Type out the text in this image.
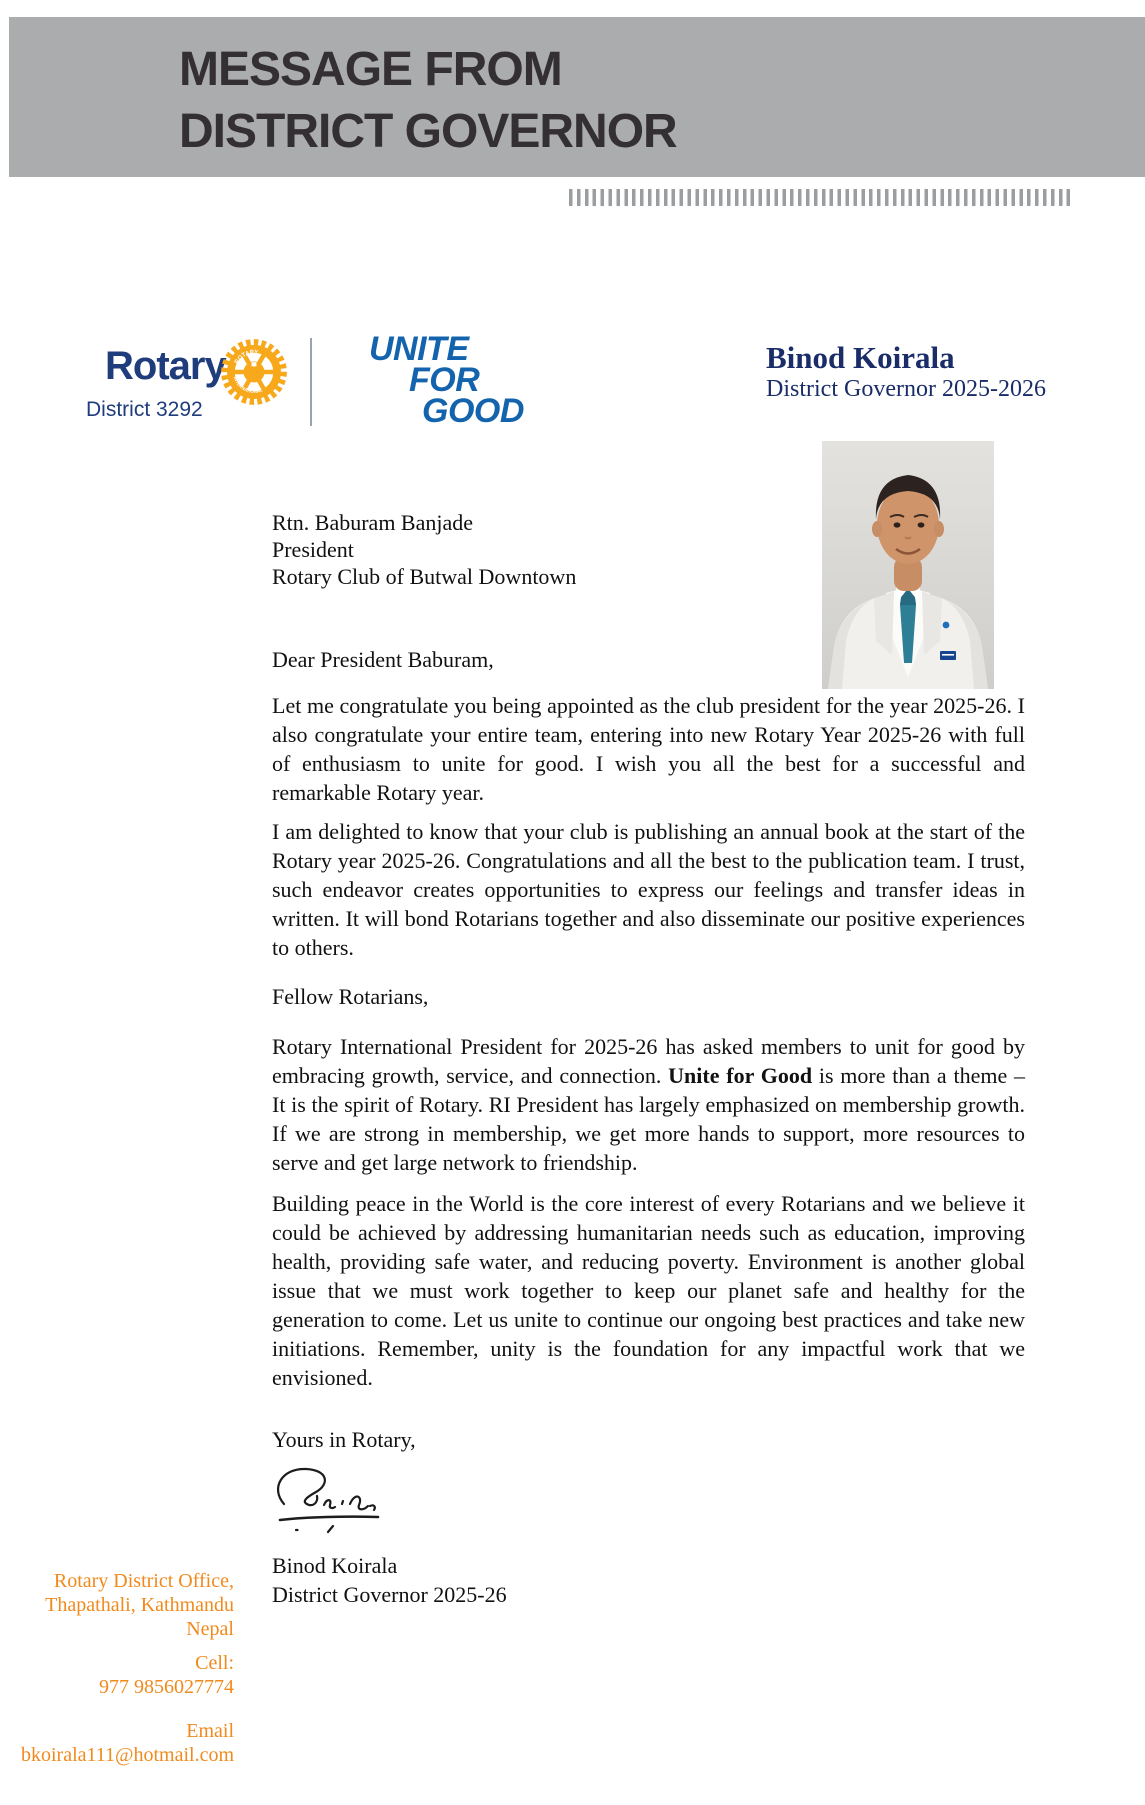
MESSAGE FROM
DISTRICT GOVERNOR
Rotary
District 3292
ROTARY
INTERNATIONAL
UNITE
FOR
GOOD
Binod Koirala
District Governor 2025-2026
Rtn. Baburam Banjade
President
Rotary Club of Butwal Downtown
Dear President Baburam,
Let me congratulate you being appointed as the club president for the year 2025-26. I also congratulate your entire team, entering into new Rotary Year 2025-26 with full of enthusiasm to unite for good. I wish you all the best for a successful and remarkable Rotary year.
I am delighted to know that your club is publishing an annual book at the start of the Rotary year 2025-26. Congratulations and all the best to the publication team. I trust, such endeavor creates opportunities to express our feelings and transfer ideas in written. It will bond Rotarians together and also disseminate our positive experiences to others.
Fellow Rotarians,
Rotary International President for 2025-26 has asked members to unit for good by embracing growth, service, and connection. Unite for Good is more than a theme – It is the spirit of Rotary. RI President has largely emphasized on membership growth. If we are strong in membership, we get more hands to support, more resources to serve and get large network to friendship.
Building peace in the World is the core interest of every Rotarians and we believe it could be achieved by addressing humanitarian needs such as education, improving health, providing safe water, and reducing poverty. Environment is another global issue that we must work together to keep our planet safe and healthy for the generation to come. Let us unite to continue our ongoing best practices and take new initiations. Remember, unity is the foundation for any impactful work that we envisioned.
Yours in Rotary,
Binod Koirala
District Governor 2025-26
Rotary District Office,
Thapathali, Kathmandu
Nepal
Cell:
977 9856027774
Email
bkoirala111@hotmail.com
